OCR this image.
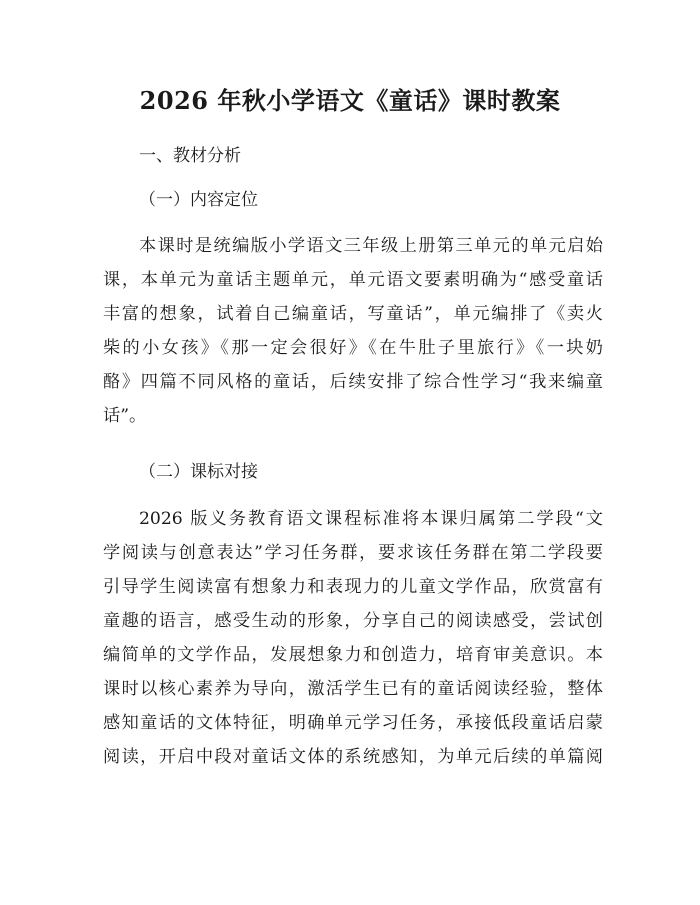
2026 年秋小学语文《童话》课时教案

一、教材分析

（一）内容定位

本课时是统编版小学语文三年级上册第三单元的单元启始
课，本单元为童话主题单元，单元语文要素明确为“感受童话
丰富的想象，试着自己编童话，写童话”，单元编排了《卖火
柴的小女孩》《那一定会很好》《在牛肚子里旅行》《一块奶
酪》四篇不同风格的童话，后续安排了综合性学习“我来编童
话”。

（二）课标对接

2026 版义务教育语文课程标准将本课归属第二学段“文
学阅读与创意表达”学习任务群，要求该任务群在第二学段要
引导学生阅读富有想象力和表现力的儿童文学作品，欣赏富有
童趣的语言，感受生动的形象，分享自己的阅读感受，尝试创
编简单的文学作品，发展想象力和创造力，培育审美意识。本
课时以核心素养为导向，激活学生已有的童话阅读经验，整体
感知童话的文体特征，明确单元学习任务，承接低段童话启蒙
阅读，开启中段对童话文体的系统感知，为单元后续的单篇阅
